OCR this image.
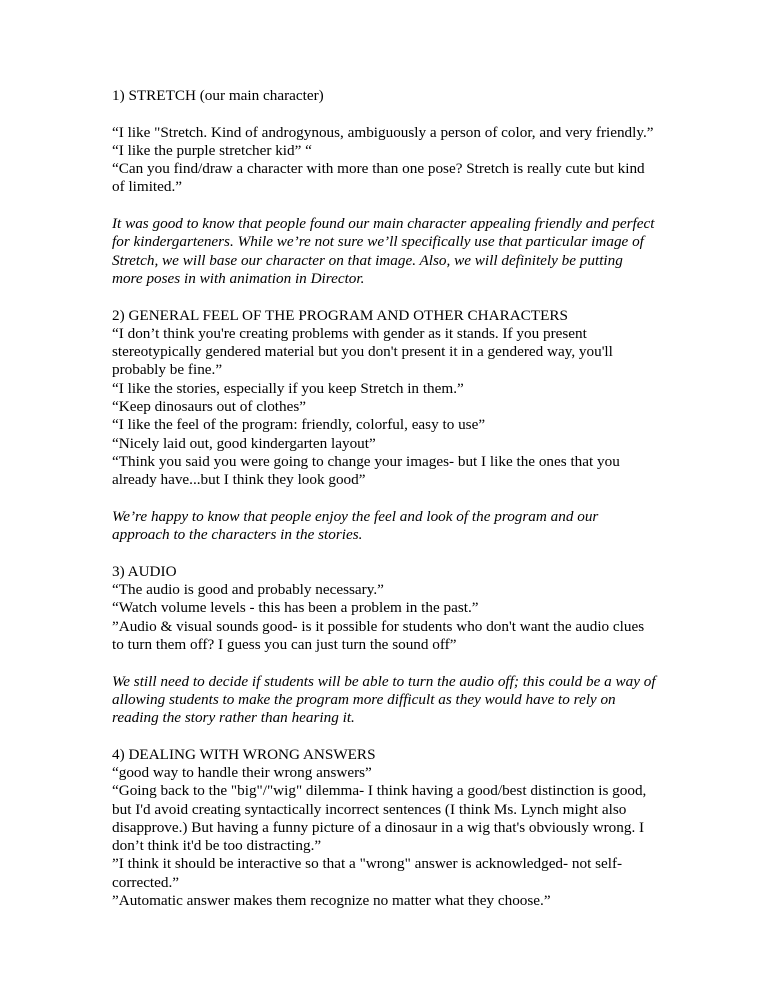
1) STRETCH (our main character)
“I like "Stretch. Kind of androgynous, ambiguously a person of color, and very friendly.”
“I like the purple stretcher kid” “
“Can you find/draw a character with more than one pose? Stretch is really cute but kind
of limited.”
It was good to know that people found our main character appealing friendly and perfect
for kindergarteners. While we’re not sure we’ll specifically use that particular image of
Stretch, we will base our character on that image. Also, we will definitely be putting
more poses in with animation in Director.
2) GENERAL FEEL OF THE PROGRAM AND OTHER CHARACTERS
“I don’t think you're creating problems with gender as it stands. If you present
stereotypically gendered material but you don't present it in a gendered way, you'll
probably be fine.”
“I like the stories, especially if you keep Stretch in them.”
“Keep dinosaurs out of clothes”
“I like the feel of the program: friendly, colorful, easy to use”
“Nicely laid out, good kindergarten layout”
“Think you said you were going to change your images- but I like the ones that you
already have...but I think they look good”
We’re happy to know that people enjoy the feel and look of the program and our
approach to the characters in the stories.
3) AUDIO
“The audio is good and probably necessary.”
“Watch volume levels - this has been a problem in the past.”
”Audio & visual sounds good- is it possible for students who don't want the audio clues
to turn them off? I guess you can just turn the sound off”
We still need to decide if students will be able to turn the audio off; this could be a way of
allowing students to make the program more difficult as they would have to rely on
reading the story rather than hearing it.
4) DEALING WITH WRONG ANSWERS
“good way to handle their wrong answers”
“Going back to the "big"/"wig" dilemma- I think having a good/best distinction is good,
but I'd avoid creating syntactically incorrect sentences (I think Ms. Lynch might also
disapprove.) But having a funny picture of a dinosaur in a wig that's obviously wrong. I
don’t think it'd be too distracting.”
”I think it should be interactive so that a "wrong" answer is acknowledged- not self-
corrected.”
”Automatic answer makes them recognize no matter what they choose.”
